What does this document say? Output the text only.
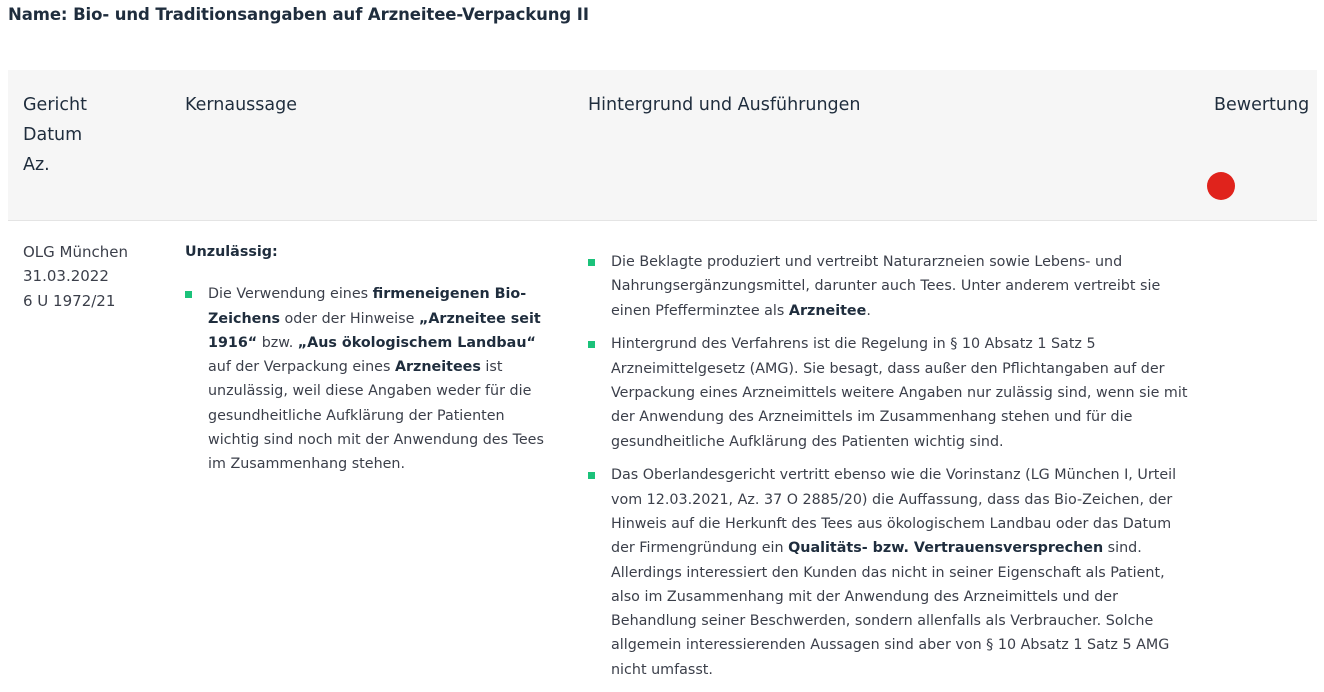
Name: Bio- und Traditionsangaben auf Arzneitee-Verpackung II
Gericht
Datum
Az.
Kernaussage	Hintergrund und Ausführungen	Bewertung
OLG München
31.03.2022
6 U 1972/21
Unzulässig:
Die Verwendung eines firmeneigenen Bio-Zeichens oder der Hinweise „Arzneitee seit 1916“ bzw. „Aus ökologischem Landbau“ auf der Verpackung eines Arzneitees ist unzulässig, weil diese Angaben weder für die gesundheitliche Aufklärung der Patienten wichtig sind noch mit der Anwendung des Tees im Zusammenhang stehen.
Die Beklagte produziert und vertreibt Naturarzneien sowie Lebens- und Nahrungsergänzungsmittel, darunter auch Tees. Unter anderem vertreibt sie einen Pfefferminztee als Arzneitee.
Hintergrund des Verfahrens ist die Regelung in § 10 Absatz 1 Satz 5 Arzneimittelgesetz (AMG). Sie besagt, dass außer den Pflichtangaben auf der Verpackung eines Arzneimittels weitere Angaben nur zulässig sind, wenn sie mit der Anwendung des Arzneimittels im Zusammenhang stehen und für die gesundheitliche Aufklärung des Patienten wichtig sind.
Das Oberlandesgericht vertritt ebenso wie die Vorinstanz (LG München I, Urteil vom 12.03.2021, Az. 37 O 2885/20) die Auffassung, dass das Bio-Zeichen, der Hinweis auf die Herkunft des Tees aus ökologischem Landbau oder das Datum der Firmengründung ein Qualitäts- bzw. Vertrauensversprechen sind. Allerdings interessiert den Kunden das nicht in seiner Eigenschaft als Patient, also im Zusammenhang mit der Anwendung des Arzneimittels und der Behandlung seiner Beschwerden, sondern allenfalls als Verbraucher. Solche allgemein interessierenden Aussagen sind aber von § 10 Absatz 1 Satz 5 AMG nicht umfasst.
